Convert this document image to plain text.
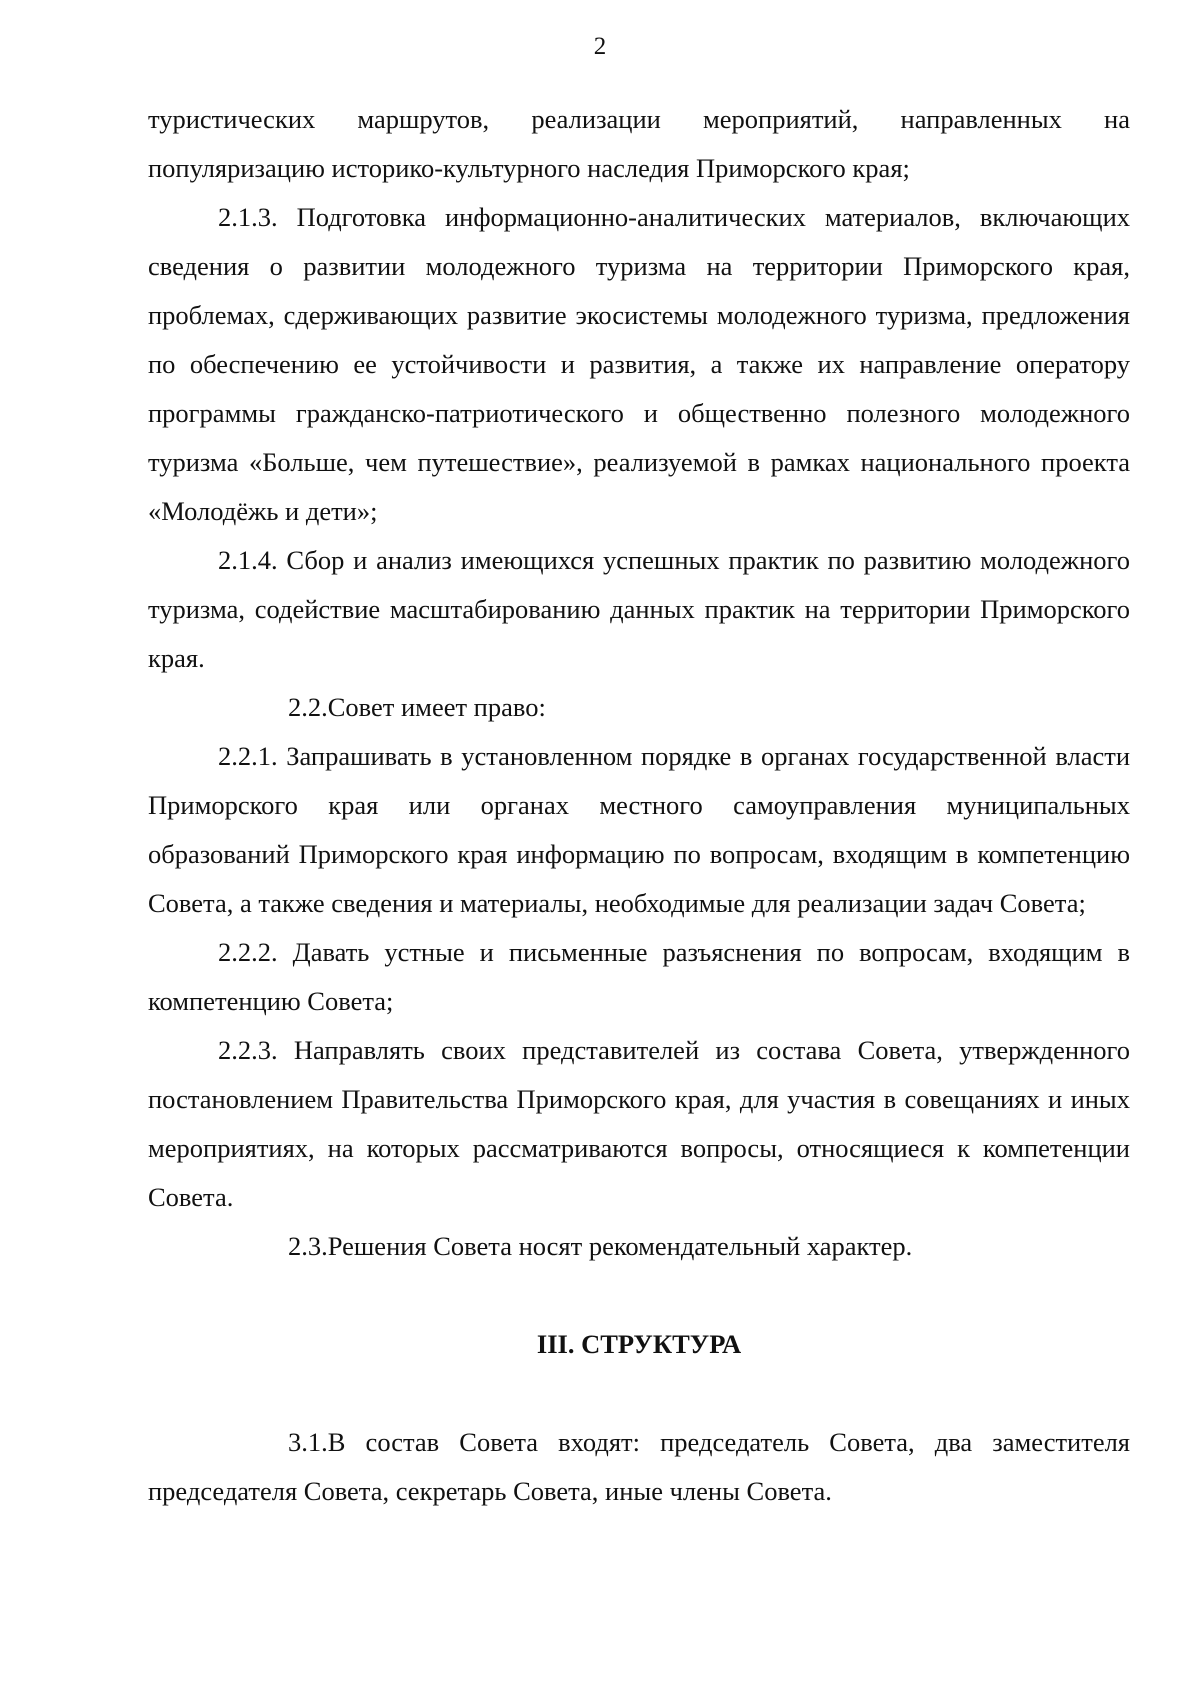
2

туристических маршрутов, реализации мероприятий, направленных на популяризацию историко-культурного наследия Приморского края;

2.1.3. Подготовка информационно-аналитических материалов, включающих сведения о развитии молодежного туризма на территории Приморского края, проблемах, сдерживающих развитие экосистемы молодежного туризма, предложения по обеспечению ее устойчивости и развития, а также их направление оператору программы гражданско-патриотического и общественно полезного молодежного туризма «Больше, чем путешествие», реализуемой в рамках национального проекта «Молодёжь и дети»;

2.1.4. Сбор и анализ имеющихся успешных практик по развитию молодежного туризма, содействие масштабированию данных практик на территории Приморского края.

2.2.Совет имеет право:

2.2.1. Запрашивать в установленном порядке в органах государственной власти Приморского края или органах местного самоуправления муниципальных образований Приморского края информацию по вопросам, входящим в компетенцию Совета, а также сведения и материалы, необходимые для реализации задач Совета;

2.2.2. Давать устные и письменные разъяснения по вопросам, входящим в компетенцию Совета;

2.2.3. Направлять своих представителей из состава Совета, утвержденного постановлением Правительства Приморского края, для участия в совещаниях и иных мероприятиях, на которых рассматриваются вопросы, относящиеся к компетенции Совета.

2.3.Решения Совета носят рекомендательный характер.

III. СТРУКТУРА

3.1.В состав Совета входят: председатель Совета, два заместителя председателя Совета, секретарь Совета, иные члены Совета.
